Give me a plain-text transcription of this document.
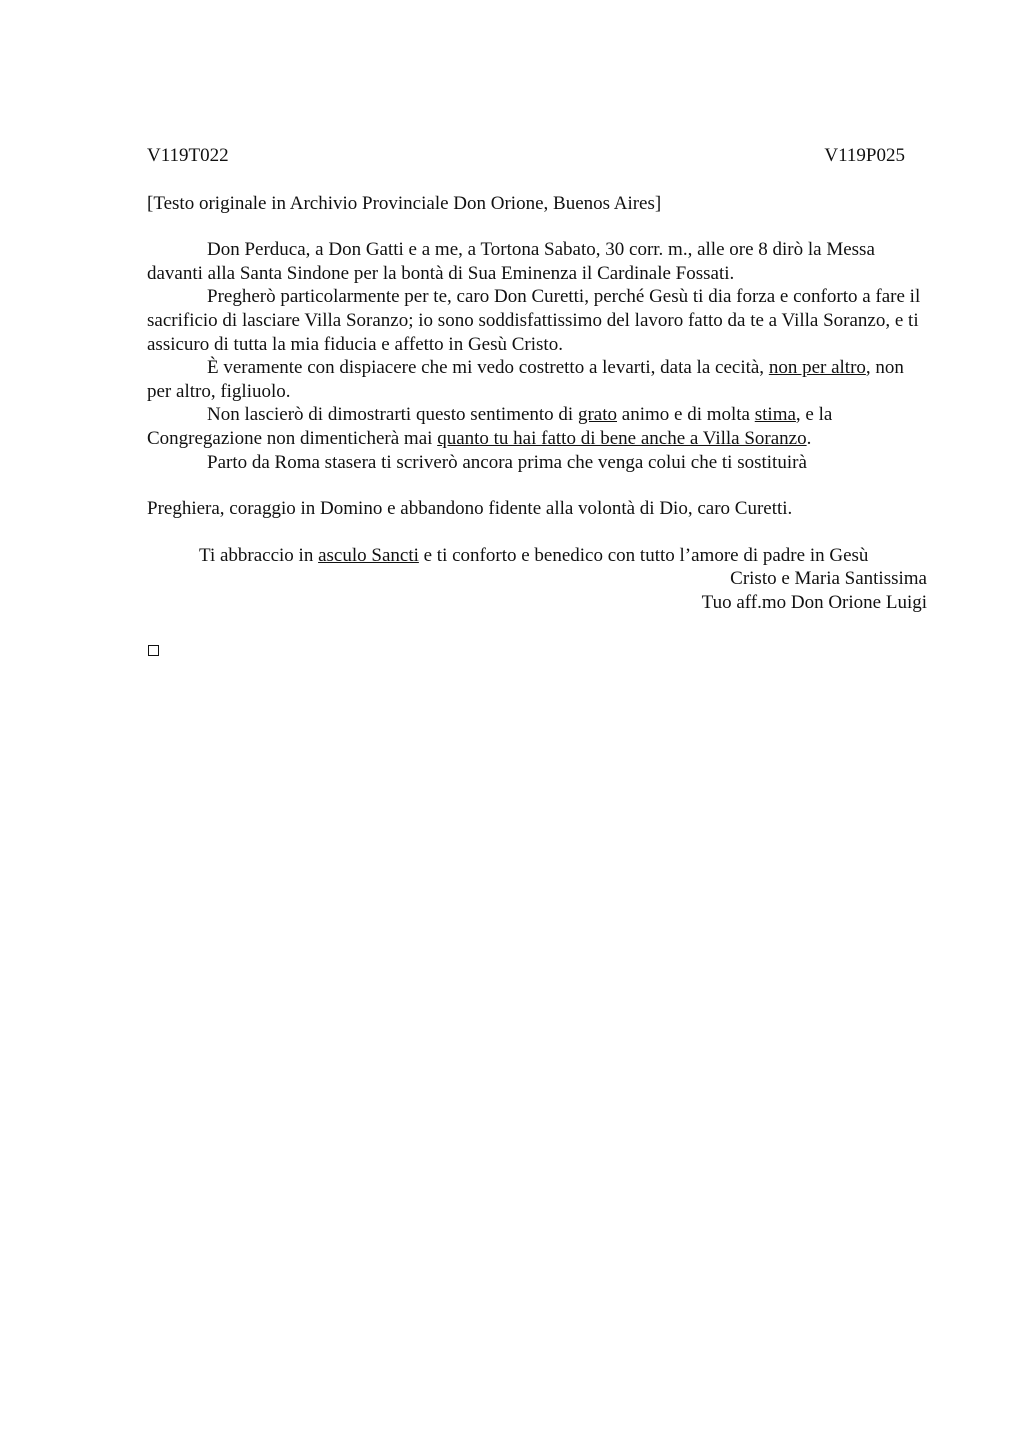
V119T022	V119P025
[Testo originale in Archivio Provinciale Don Orione, Buenos Aires]

Don Perduca, a Don Gatti e a me, a Tortona Sabato, 30 corr. m., alle ore 8 dirò la Messa davanti alla Santa Sindone per la bontà di Sua Eminenza il Cardinale Fossati.

Pregherò particolarmente per te, caro Don Curetti, perché Gesù ti dia forza e conforto a fare il sacrificio di lasciare Villa Soranzo; io sono soddisfattissimo del lavoro fatto da te a Villa Soranzo, e ti assicuro di tutta la mia fiducia e affetto in Gesù Cristo.

È veramente con dispiacere che mi vedo costretto a levarti, data la cecità, non per altro, non per altro, figliuolo.

Non lascierò di dimostrarti questo sentimento di grato animo e di molta stima, e la Congregazione non dimenticherà mai quanto tu hai fatto di bene anche a Villa Soranzo.

Parto da Roma stasera ti scriverò ancora prima che venga colui che ti sostituirà

Preghiera, coraggio in Domino e abbandono fidente alla volontà di Dio, caro Curetti.
Ti abbraccio in asculo Sancti e ti conforto e benedico con tutto l’amore di padre in Gesù
Cristo e Maria Santissima
Tuo aff.mo Don Orione Luigi
